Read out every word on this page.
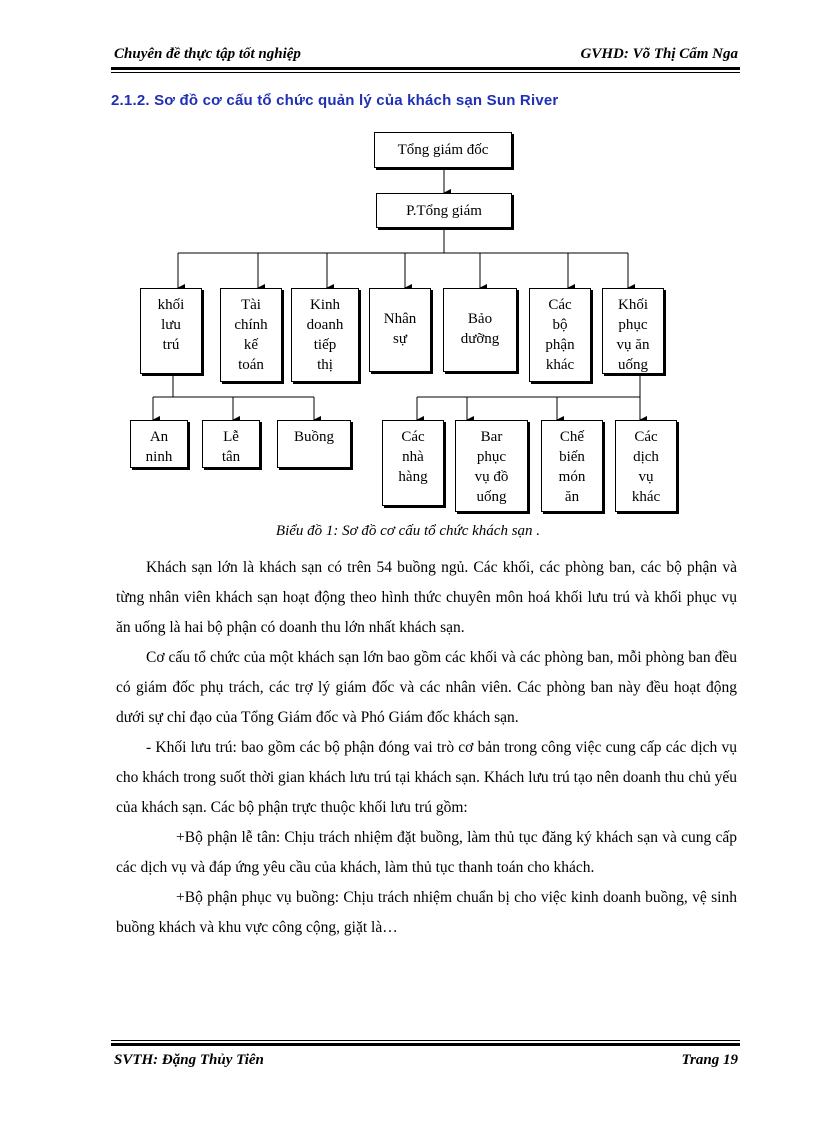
Chuyên đề thực tập tốt nghiệp	GVHD: Võ Thị Cẩm Nga
2.1.2. Sơ đồ cơ cấu tổ chức quản lý của khách sạn Sun River
Tổng giám đốc
P.Tổng giám
khối
lưu
trú
Tài
chính
kế
toán
Kinh
doanh
tiếp
thị
Nhân
sự
Bảo
dưỡng
Các
bộ
phận
khác
Khối
phục
vụ ăn
uống
An
ninh
Lễ
tân
Buồng	Các
nhà
hàng
Bar
phục
vụ đồ
uống
Chế
biến
món
ăn
Các
dịch
vụ
khác
Biểu đồ 1: Sơ đồ cơ cấu tổ chức khách sạn .

Khách sạn lớn là khách sạn có trên 54 buồng ngủ. Các khối, các phòng ban, các bộ phận và từng nhân viên khách sạn hoạt động theo hình thức chuyên môn hoá khối lưu trú và khối phục vụ ăn uống là hai bộ phận có doanh thu lớn nhất khách sạn.

Cơ cấu tổ chức của một khách sạn lớn bao gồm các khối và các phòng ban, mỗi phòng ban đều có giám đốc phụ trách, các trợ lý giám đốc và các nhân viên. Các phòng ban này đều hoạt động dưới sự chỉ đạo của Tổng Giám đốc và Phó Giám đốc khách sạn.

- Khối lưu trú: bao gồm các bộ phận đóng vai trò cơ bản trong công việc cung cấp các dịch vụ cho khách trong suốt thời gian khách lưu trú tại khách sạn. Khách lưu trú tạo nên doanh thu chủ yếu của khách sạn. Các bộ phận trực thuộc khối lưu trú gồm:

+Bộ phận lễ tân: Chịu trách nhiệm đặt buồng, làm thủ tục đăng ký khách sạn và cung cấp các dịch vụ và đáp ứng yêu cầu của khách, làm thủ tục thanh toán cho khách.

+Bộ phận phục vụ buồng: Chịu trách nhiệm chuẩn bị cho việc kinh doanh buồng, vệ sinh buồng khách và khu vực công cộng, giặt là…

SVTH: Đặng Thủy Tiên	Trang 19
